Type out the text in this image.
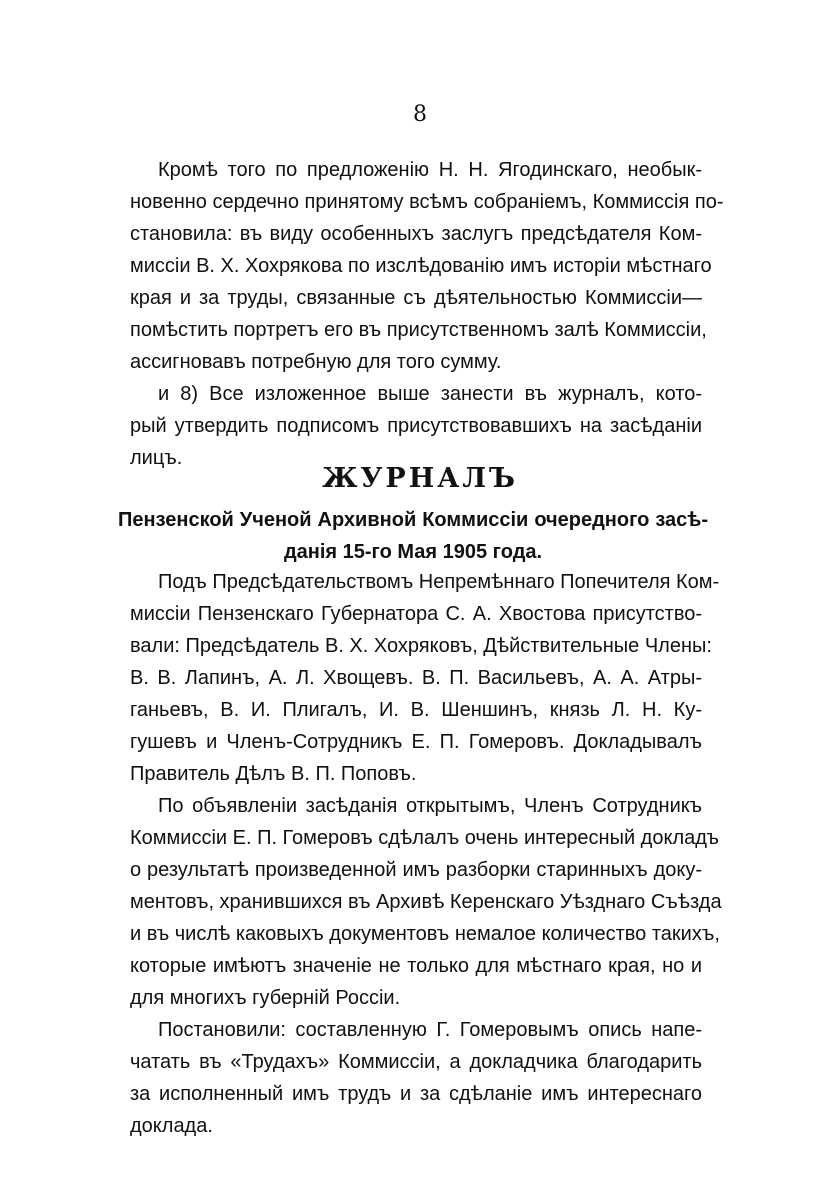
8

Кромѣ того по предложенію Н. Н. Ягодинскаго, необык-
новенно сердечно принятому всѣмъ собраніемъ, Коммиссія по-
становила: въ виду особенныхъ заслугъ предсѣдателя Ком-
миссіи В. Х. Хохрякова по изслѣдованію имъ исторіи мѣстнаго
края и за труды, связанные съ дѣятельностью Коммиссіи—
помѣстить портретъ его въ присутственномъ залѣ Коммиссіи,
ассигновавъ потребную для того сумму.

и 8) Все изложенное выше занести въ журналъ, кото-
рый утвердить подписомъ присутствовавшихъ на засѣданіи
лицъ.

ЖУРНАЛЪ
Пензенской Ученой Архивной Коммиссіи очередного засѣ-
данія 15-го Мая 1905 года.

Подъ Предсѣдательствомъ Непремѣннаго Попечителя Ком-
миссіи Пензенскаго Губернатора С. А. Хвостова присутство-
вали: Предсѣдатель В. Х. Хохряковъ, Дѣйствительные Члены:
В. В. Лапинъ, А. Л. Хвощевъ. В. П. Васильевъ, А. А. Атры-
ганьевъ, В. И. Плигалъ, И. В. Шеншинъ, князь Л. Н. Ку-
гушевъ и Членъ-Сотрудникъ Е. П. Гомеровъ. Докладывалъ
Правитель Дѣлъ В. П. Поповъ.

По объявленіи засѣданія открытымъ, Членъ Сотрудникъ
Коммиссіи Е. П. Гомеровъ сдѣлалъ очень интересный докладъ
о результатѣ произведенной имъ разборки старинныхъ доку-
ментовъ, хранившихся въ Архивѣ Керенскаго Уѣзднаго Съѣзда
и въ числѣ каковыхъ документовъ немалое количество такихъ,
которые имѣютъ значеніе не только для мѣстнаго края, но и
для многихъ губерній Россіи.

Постановили: составленную Г. Гомеровымъ опись напе-
чатать въ «Трудахъ» Коммиссіи, а докладчика благодарить
за исполненный имъ трудъ и за сдѣланіе имъ интереснаго
доклада.
